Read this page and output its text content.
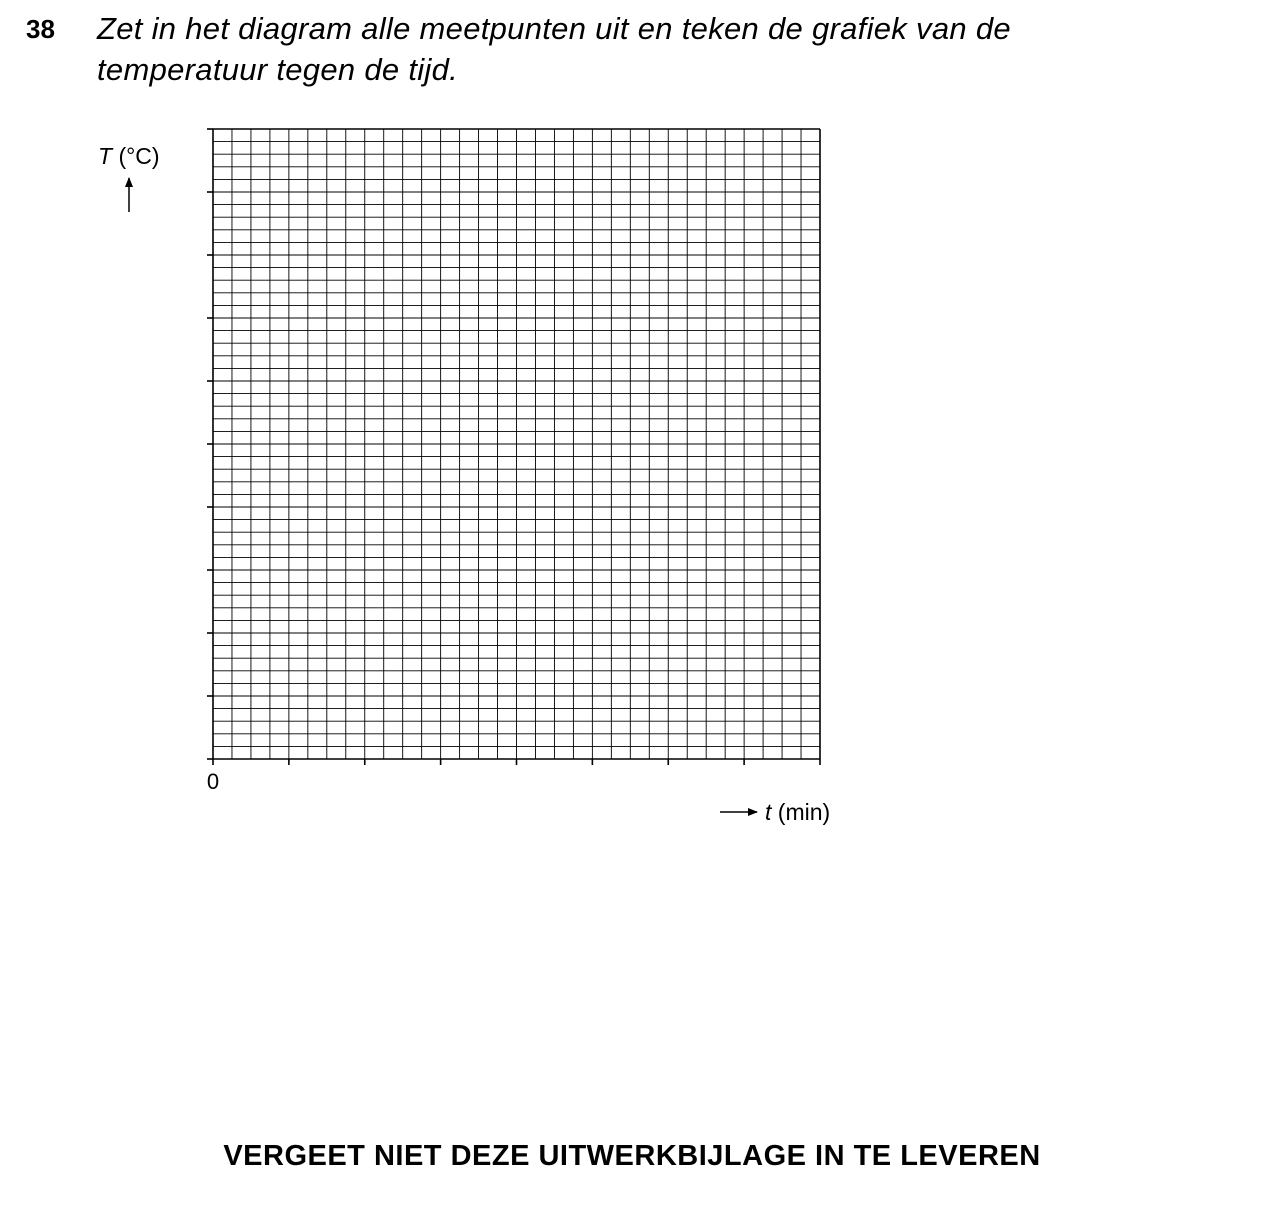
38 Zet in het diagram alle meetpunten uit en teken de grafiek van de
temperatuur tegen de tijd.
T (°C)
0
t (min)
VERGEET NIET DEZE UITWERKBIJLAGE IN TE LEVEREN
